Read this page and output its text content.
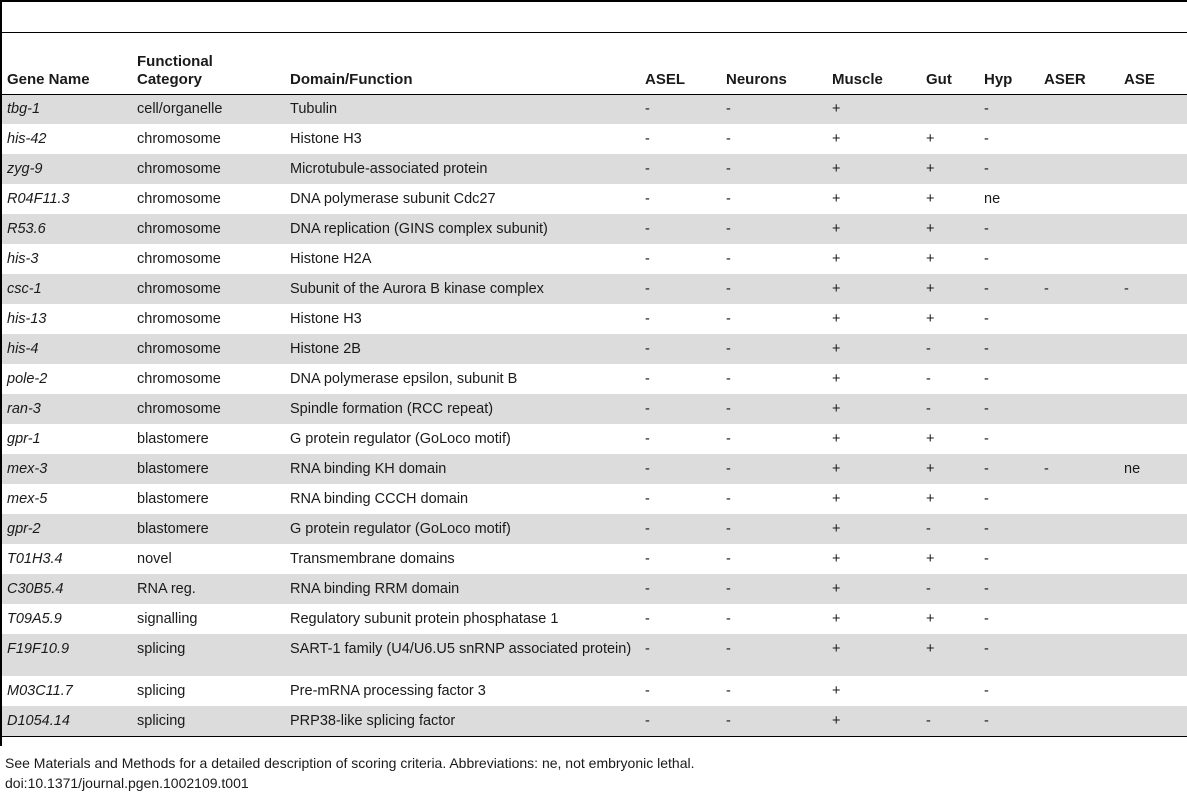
Gene Name	Functional Category	Domain/Function	ASEL	Neurons	Muscle	Gut	Hyp	ASER	ASE
tbg-1	cell/organelle	Tubulin	-	-	+		-		
his-42	chromosome	Histone H3	-	-	+	+	-		
zyg-9	chromosome	Microtubule-associated protein	-	-	+	+	-		
R04F11.3	chromosome	DNA polymerase subunit Cdc27	-	-	+	+	ne		
R53.6	chromosome	DNA replication (GINS complex subunit)	-	-	+	+	-		
his-3	chromosome	Histone H2A	-	-	+	+	-		
csc-1	chromosome	Subunit of the Aurora B kinase complex	-	-	+	+	-	-	-
his-13	chromosome	Histone H3	-	-	+	+	-		
his-4	chromosome	Histone 2B	-	-	+	-	-		
pole-2	chromosome	DNA polymerase epsilon, subunit B	-	-	+	-	-		
ran-3	chromosome	Spindle formation (RCC repeat)	-	-	+	-	-		
gpr-1	blastomere	G protein regulator (GoLoco motif)	-	-	+	+	-		
mex-3	blastomere	RNA binding KH domain	-	-	+	+	-	-	ne
mex-5	blastomere	RNA binding CCCH domain	-	-	+	+	-		
gpr-2	blastomere	G protein regulator (GoLoco motif)	-	-	+	-	-		
T01H3.4	novel	Transmembrane domains	-	-	+	+	-		
C30B5.4	RNA reg.	RNA binding RRM domain	-	-	+	-	-		
T09A5.9	signalling	Regulatory subunit protein phosphatase 1	-	-	+	+	-		
F19F10.9	splicing	SART-1 family (U4/U6.U5 snRNP associated protein)	-	-	+	+	-		
M03C11.7	splicing	Pre-mRNA processing factor 3	-	-	+		-		
D1054.14	splicing	PRP38-like splicing factor	-	-	+	-	-		
See Materials and Methods for a detailed description of scoring criteria. Abbreviations: ne, not embryonic lethal.
doi:10.1371/journal.pgen.1002109.t001
